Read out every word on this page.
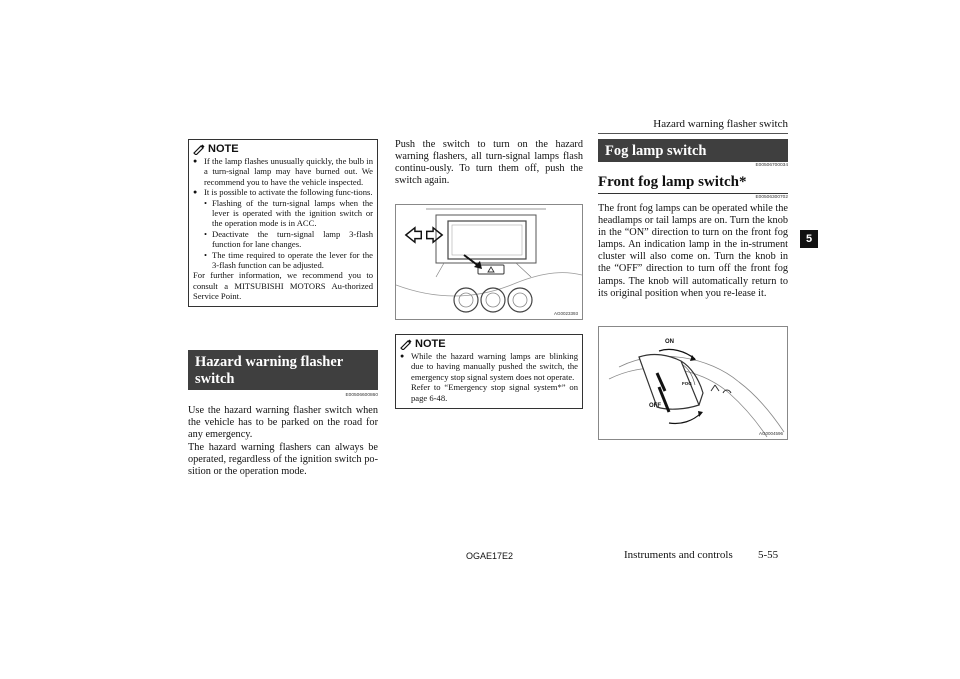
Hazard warning flasher switch
5
NOTE
● If the lamp flashes unusually quickly, the bulb in a turn-signal lamp may have burned out. We recommend you to have the vehicle inspected.
● It is possible to activate the following func-tions.
• Flashing of the turn-signal lamps when the lever is operated with the ignition switch or the operation mode is in ACC.
• Deactivate the turn-signal lamp 3-flash function for lane changes.
• The time required to operate the lever for the 3-flash function can be adjusted.
For further information, we recommend you to consult a MITSUBISHI MOTORS Au-thorized Service Point.
Hazard warning flasher switch
E00506600860
Use the hazard warning flasher switch when the vehicle has to be parked on the road for any emergency.
The hazard warning flashers can always be operated, regardless of the ignition switch po-sition or the operation mode.
Push the switch to turn on the hazard warning flashers, all turn-signal lamps flash continu-ously. To turn them off, push the switch again.
AG0023393
NOTE
● While the hazard warning lamps are blinking due to having manually pushed the switch, the emergency stop signal system does not operate.
Refer to “Emergency stop signal system*” on page 6-48.
Fog lamp switch
E00506700034
Front fog lamp switch*
E00506300702
The front fog lamps can be operated while the headlamps or tail lamps are on. Turn the knob in the “ON” direction to turn on the front fog lamps. An indication lamp in the in-strument cluster will also come on. Turn the knob in the “OFF” direction to turn off the front fog lamps. The knob will automatically return to its original position when you re-lease it.
ON
OFF
FOG
AG0004596
OGAE17E2	Instruments and controls 5-55
